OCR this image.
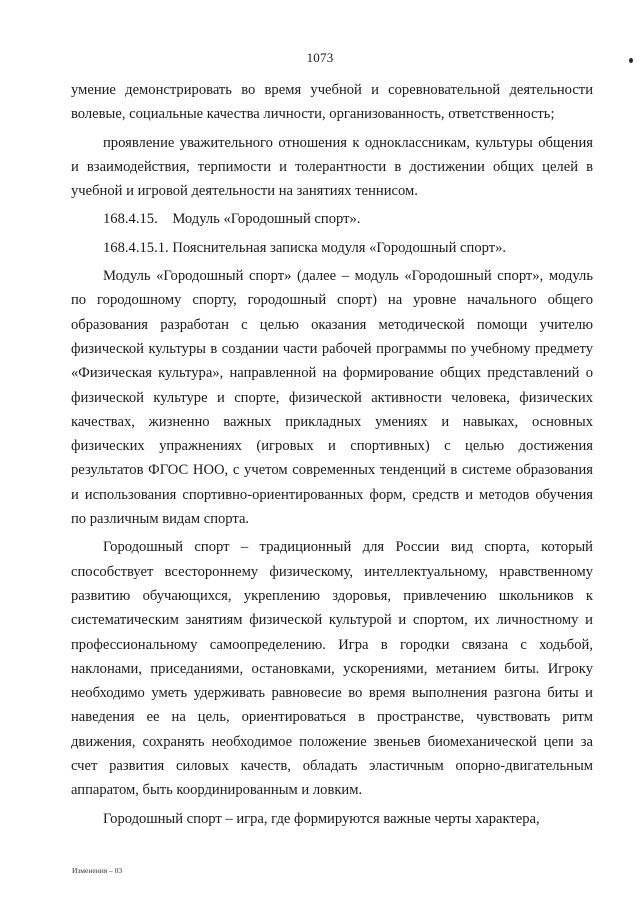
1073

умение демонстрировать во время учебной и соревновательной деятельности волевые, социальные качества личности, организованность, ответственность;

проявление уважительного отношения к одноклассникам, культуры общения и взаимодействия, терпимости и толерантности в достижении общих целей в учебной и игровой деятельности на занятиях теннисом.

168.4.15.    Модуль «Городошный спорт».

168.4.15.1. Пояснительная записка модуля «Городошный спорт».

Модуль «Городошный спорт» (далее – модуль «Городошный спорт», модуль по городошному спорту, городошный спорт) на уровне начального общего образования разработан с целью оказания методической помощи учителю физической культуры в создании части рабочей программы по учебному предмету «Физическая культура», направленной на формирование общих представлений о физической культуре и спорте, физической активности человека, физических качествах, жизненно важных прикладных умениях и навыках, основных физических упражнениях (игровых и спортивных) с целью достижения результатов ФГОС НОО, с учетом современных тенденций в системе образования и использования спортивно-ориентированных форм, средств и методов обучения по различным видам спорта.

Городошный спорт – традиционный для России вид спорта, который способствует всестороннему физическому, интеллектуальному, нравственному развитию обучающихся, укреплению здоровья, привлечению школьников к систематическим занятиям физической культурой и спортом, их личностному и профессиональному самоопределению. Игра в городки связана с ходьбой, наклонами, приседаниями, остановками, ускорениями, метанием биты. Игроку необходимо уметь удерживать равновесие во время выполнения разгона биты и наведения ее на цель, ориентироваться в пространстве, чувствовать ритм движения, сохранять необходимое положение звеньев биомеханической цепи за счет развития силовых качеств, обладать эластичным опорно-двигательным аппаратом, быть координированным и ловким.

Городошный спорт – игра, где формируются важные черты характера,

Изменения – 03
